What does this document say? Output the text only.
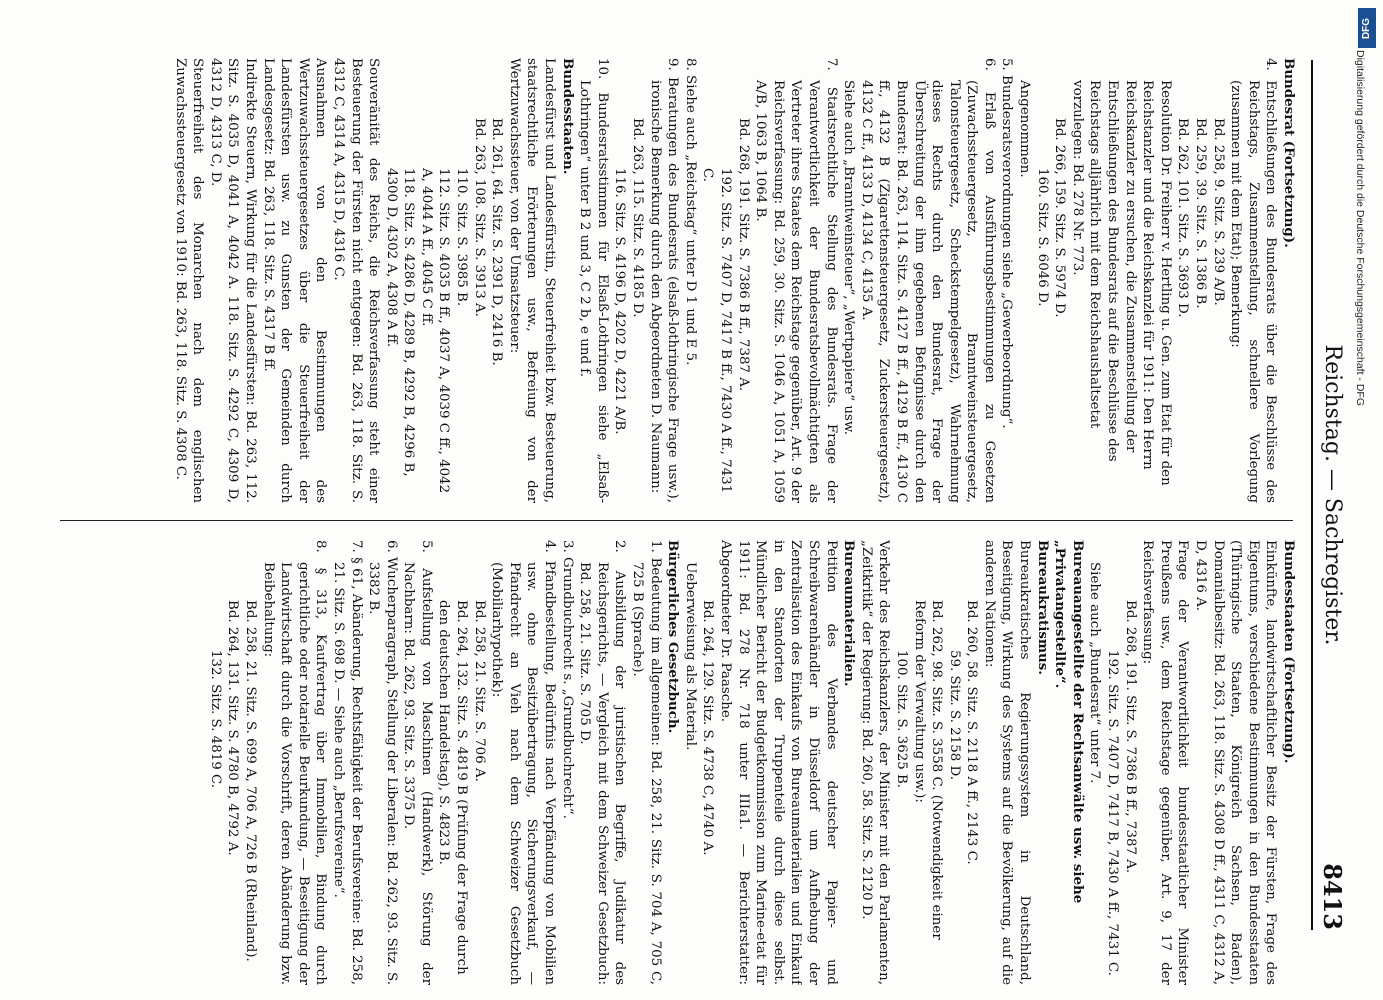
Reichstag. — Sachregister.
8413

Bundesrat (Fortsetzung).

4. Entschließungen des Bundesrats über die Beschlüsse des Reichstags, Zusammenstellung, schnellere Vorlegung (zusammen mit dem Etat); Bemerkung:

Bd. 258, 9. Sitz. S. 239 A/B.

Bd. 259, 39. Sitz. S. 1386 B.

Bd. 262, 101. Sitz. S. 3693 D.

Resolution Dr. Freiherr v. Hertling u. Gen. zum Etat für den Reichstanzler und die Reichskanzlei für 1911: Den Herrn Reichskanzler zu ersuchen, die Zusammenstellung der Entschließungen des Bundesrats auf die Beschlüsse des Reichstags alljährlich mit dem Reichshaushaltsetat vorzulegen: Bd. 278 Nr. 773.

Bd. 266, 159. Sitz. S. 5974 D.

160. Sitz. S. 6046 D.

Angenommen.

5. Bundesratsverordnungen siehe „Gewerbeordnung“.

6. Erlaß von Ausführungsbestimmungen zu Gesetzen (Zuwachssteuergesetz, Branntweinsteuergesetz, Talonsteuergesetz, Scheckstempelgesetz), Wahrnehmung dieses Rechts durch den Bundesrat, Frage der Überschreitung der ihm gegebenen Befugnisse durch den Bundesrat: Bd. 263, 114. Sitz. S. 4127 B ff., 4129 B ff., 4130 C ff., 4132 B (Zigarettensteuergesetz, Zuckersteuergesetz), 4132 C ff., 4133 D, 4134 C, 4135 A.

Siehe auch „Branntweinsteuer“, „Wertpapiere“ usw.

7. Staatsrechtliche Stellung des Bundesrats. Frage der Verantwortlichkeit der Bundesratsbevollmächtigten als Vertreter ihres Staates dem Reichstage gegenüber, Art. 9 der Reichsverfassung: Bd. 259, 30. Sitz. S. 1046 A, 1051 A, 1059 A/B, 1063 B, 1064 B.

Bd. 268, 191. Sitz. S. 7386 B ff., 7387 A.

192. Sitz. S. 7407 D, 7417 B ff., 7430 A ff., 7431 C.

8. Siehe auch „Reichstag“ unter D 1 und E 5.

9. Beratungen des Bundesrats (elsaß-lothringische Frage usw.), ironische Bemerkung durch den Abgeordneten D. Naumann:

Bd. 263, 115. Sitz. S. 4185 D.

116. Sitz. S. 4196 D, 4202 D, 4221 A/B.

10. Bundesratsstimmen für Elsaß-Lothringen siehe „Elsaß-Lothringen“ unter B 2 und 3, C 2 b, e und f.

Bundesstaaten.

Landesfürst und Landesfürstin, Steuerfreiheit bzw. Besteuerung, staatsrechtliche Erörterungen usw., Befreiung von der Wertzuwachssteuer, von der Umsatzsteuer:

Bd. 261, 64. Sitz. S. 2391 D, 2416 B.

Bd. 263, 108. Sitz. S. 3913 A.

110. Sitz. S. 3985 B.

112. Sitz. S. 4035 B ff., 4037 A, 4039 C ff., 4042 A, 4044 A ff., 4045 C ff.

118. Sitz. S. 4286 D, 4289 B, 4292 B, 4296 B, 4300 D, 4302 A, 4308 A ff.

Souveränität des Reichs, die Reichsverfassung steht einer Besteuerung der Fürsten nicht entgegen: Bd. 263, 118. Sitz. S. 4312 C, 4314 A, 4315 D, 4316 C.

Ausnahmen von den Bestimmungen des Wertzuwachssteuergesetzes über die Steuerfreiheit der Landesfürsten usw. zu Gunsten der Gemeinden durch Landesgesetz: Bd. 263, 118. Sitz. S. 4317 B ff.

Indirekte Steuern, Wirkung für die Landesfürsten: Bd. 263, 112. Sitz. S. 4035 D, 4041 A, 4042 A. 118. Sitz. S. 4292 C, 4309 D, 4312 D, 4313 C, D.

Steuerfreiheit des Monarchen nach dem englischen Zuwachssteuergesetz von 1910: Bd. 263, 118. Sitz. S. 4308 C.

Bundesstaaten (Fortsetzung).

Einkünfte, landwirtschaftlicher Besitz der Fürsten, Frage des Eigentums, verschiedene Bestimmungen in den Bundesstaaten (Thüringische Staaten, Königreich Sachsen, Baden), Domanialbesitz: Bd. 263, 118. Sitz. S. 4308 D ff., 4311 C, 4312 A, D, 4316 A.

Frage der Verantwortlichkeit bundesstaatlicher Minister Preußens usw., dem Reichstage gegenüber, Art. 9, 17 der Reichsverfassung:

Bd. 268, 191. Sitz. S. 7386 B ff., 7387 A.

192. Sitz. S. 7407 D, 7417 B, 7430 A ff., 7431 C.

Siehe auch „Bundesrat“ unter 7.

Bureauangestellte der Rechtsanwälte usw. siehe „Privatangestellte“.

Bureaukratismus.

Bureaukratisches Regierungssystem in Deutschland, Beseitigung, Wirkung des Systems auf die Bevölkerung, auf die anderen Nationen:

Bd. 260, 58. Sitz. S. 2118 A ff., 2143 C.

59. Sitz. S. 2158 D.

Bd. 262, 98. Sitz. S. 3558 C. (Notwendigkeit einer Reform der Verwaltung usw.):

100. Sitz. S. 3625 B.

Verkehr des Reichskanzlers, der Minister mit den Parlamenten, „Zeitkritik“ der Regierung: Bd. 260, 58. Sitz. S. 2120 D.

Bureaumaterialien.

Petition des Verbandes deutscher Papier- und Schreibwarenhändler in Düsseldorf um Aufhebung der Zentralisation des Einkaufs von Bureaumaterialien und Einkauf in den Standorten der Truppenteile durch diese selbst. Mündlicher Bericht der Budgetkommission zum Marine-etat für 1911: Bd. 278 Nr. 718 unter IIIa1. — Berichterstatter: Abgeordneter Dr. Paasche.

Bd. 264, 129. Sitz. S. 4738 C, 4740 A.

Ueberweisung als Material.

Bürgerliches Gesetzbuch.

1. Bedeutung im allgemeinen: Bd. 258, 21. Sitz. S. 704 A, 705 C, 725 B (Sprache).

2. Ausbildung der juristischen Begriffe, Judikatur des Reichsgerichts, — Vergleich mit dem Schweizer Gesetzbuch: Bd. 258, 21. Sitz. S. 705 D.

3. Grundbuchrecht s. „Grundbuchrecht“.

4. Pfandbestellung, Bedürfnis nach Verpfändung von Mobilien usw. ohne Besitzübertragung, Sicherungsverkauf, — Pfandrecht an Vieh nach dem Schweizer Gesetzbuch (Mobiliarhypothek):

Bd. 258, 21. Sitz. S. 706 A.

Bd. 264, 132. Sitz. S. 4819 B (Prüfung der Frage durch den deutschen Handelstag), S. 4823 B.

5. Aufstellung von Maschinen (Handwerk), Störung der Nachbarn: Bd. 262, 93. Sitz. S. 3375 D.

6. Wucherparagraph, Stellung der Liberalen: Bd. 262, 93. Sitz. S. 3382 B.

7. § 61, Abänderung, Rechtsfähigkeit der Berufsvereine: Bd. 258, 21. Sitz. S. 698 D. — Siehe auch „Berufsvereine“.

8. § 313, Kaufvertrag über Immobilien, Bindung durch gerichtliche oder notarielle Beurkundung, — Beseitigung der Landwirtschaft durch die Vorschrift, deren Abänderung bzw. Beibehaltung:

Bd. 258, 21. Sitz. S. 699 A, 706 A, 726 B (Rheinland).

Bd. 264, 131. Sitz. S. 4780 B, 4792 A.

132. Sitz. S. 4819 C.

DFG
Digitalisierung gefördert durch die Deutsche Forschungsgemeinschaft - DFG
